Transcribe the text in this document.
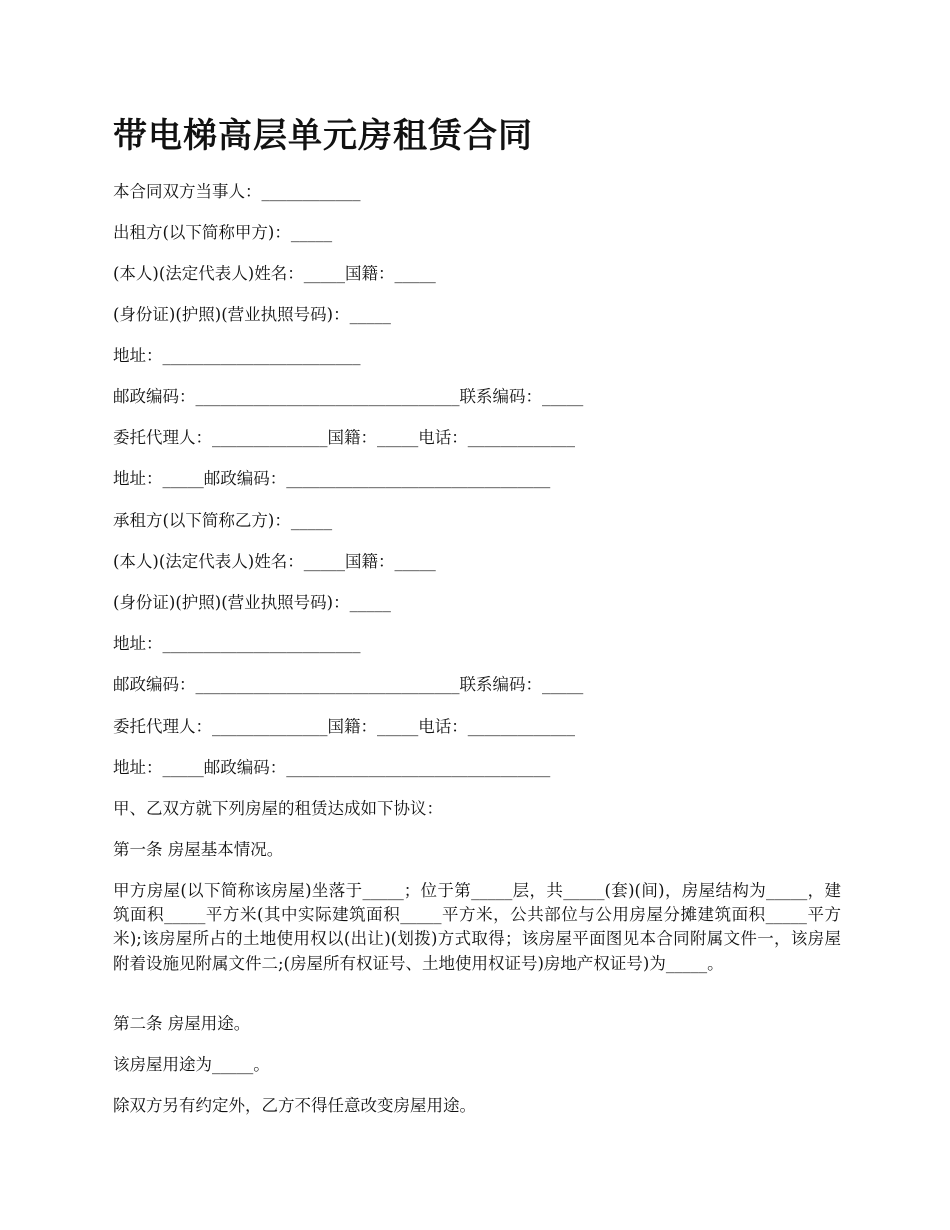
带电梯高层单元房租赁合同

本合同双方当事人：____________

出租方(以下简称甲方)：_____

(本人)(法定代表人)姓名：_____国籍：_____

(身份证)(护照)(营业执照号码)：_____

地址：________________________

邮政编码：________________________________联系编码：_____

委托代理人：______________国籍：_____电话：_____________

地址：_____邮政编码：________________________________

承租方(以下简称乙方)：_____

(本人)(法定代表人)姓名：_____国籍：_____

(身份证)(护照)(营业执照号码)：_____

地址：________________________

邮政编码：________________________________联系编码：_____

委托代理人：______________国籍：_____电话：_____________

地址：_____邮政编码：________________________________

甲、乙双方就下列房屋的租赁达成如下协议：

第一条 房屋基本情况。

甲方房屋(以下简称该房屋)坐落于_____；位于第_____层，共_____(套)(间)，房屋结构为_____，建筑面积_____平方米(其中实际建筑面积_____平方米，公共部位与公用房屋分摊建筑面积_____平方米);该房屋所占的土地使用权以(出让)(划拨)方式取得；该房屋平面图见本合同附属文件一，该房屋附着设施见附属文件二;(房屋所有权证号、土地使用权证号)房地产权证号)为_____。

第二条 房屋用途。

该房屋用途为_____。

除双方另有约定外，乙方不得任意改变房屋用途。
